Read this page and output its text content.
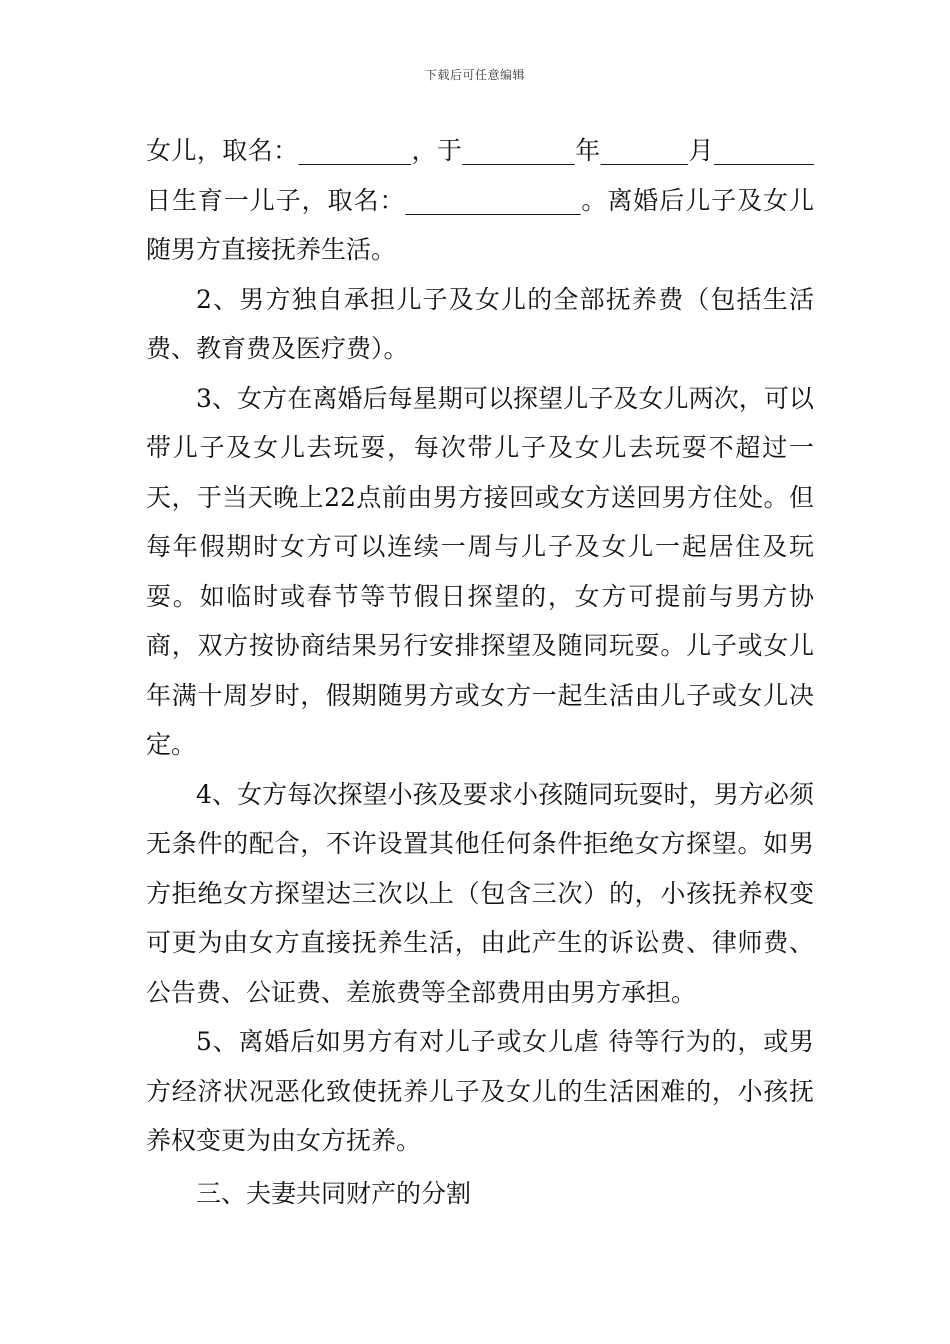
下载后可任意编辑

女儿，取名：_________，于_________年_______月________日生育一儿子，取名：______________。离婚后儿子及女儿随男方直接抚养生活。

2、男方独自承担儿子及女儿的全部抚养费（包括生活费、教育费及医疗费）。

3、女方在离婚后每星期可以探望儿子及女儿两次，可以带儿子及女儿去玩耍，每次带儿子及女儿去玩耍不超过一天，于当天晚上22点前由男方接回或女方送回男方住处。但每年假期时女方可以连续一周与儿子及女儿一起居住及玩耍。如临时或春节等节假日探望的，女方可提前与男方协商，双方按协商结果另行安排探望及随同玩耍。儿子或女儿年满十周岁时，假期随男方或女方一起生活由儿子或女儿决定。

4、女方每次探望小孩及要求小孩随同玩耍时，男方必须无条件的配合，不许设置其他任何条件拒绝女方探望。如男方拒绝女方探望达三次以上（包含三次）的，小孩抚养权变可更为由女方直接抚养生活，由此产生的诉讼费、律师费、公告费、公证费、差旅费等全部费用由男方承担。

5、离婚后如男方有对儿子或女儿虐 待等行为的，或男方经济状况恶化致使抚养儿子及女儿的生活困难的，小孩抚养权变更为由女方抚养。

三、夫妻共同财产的分割
